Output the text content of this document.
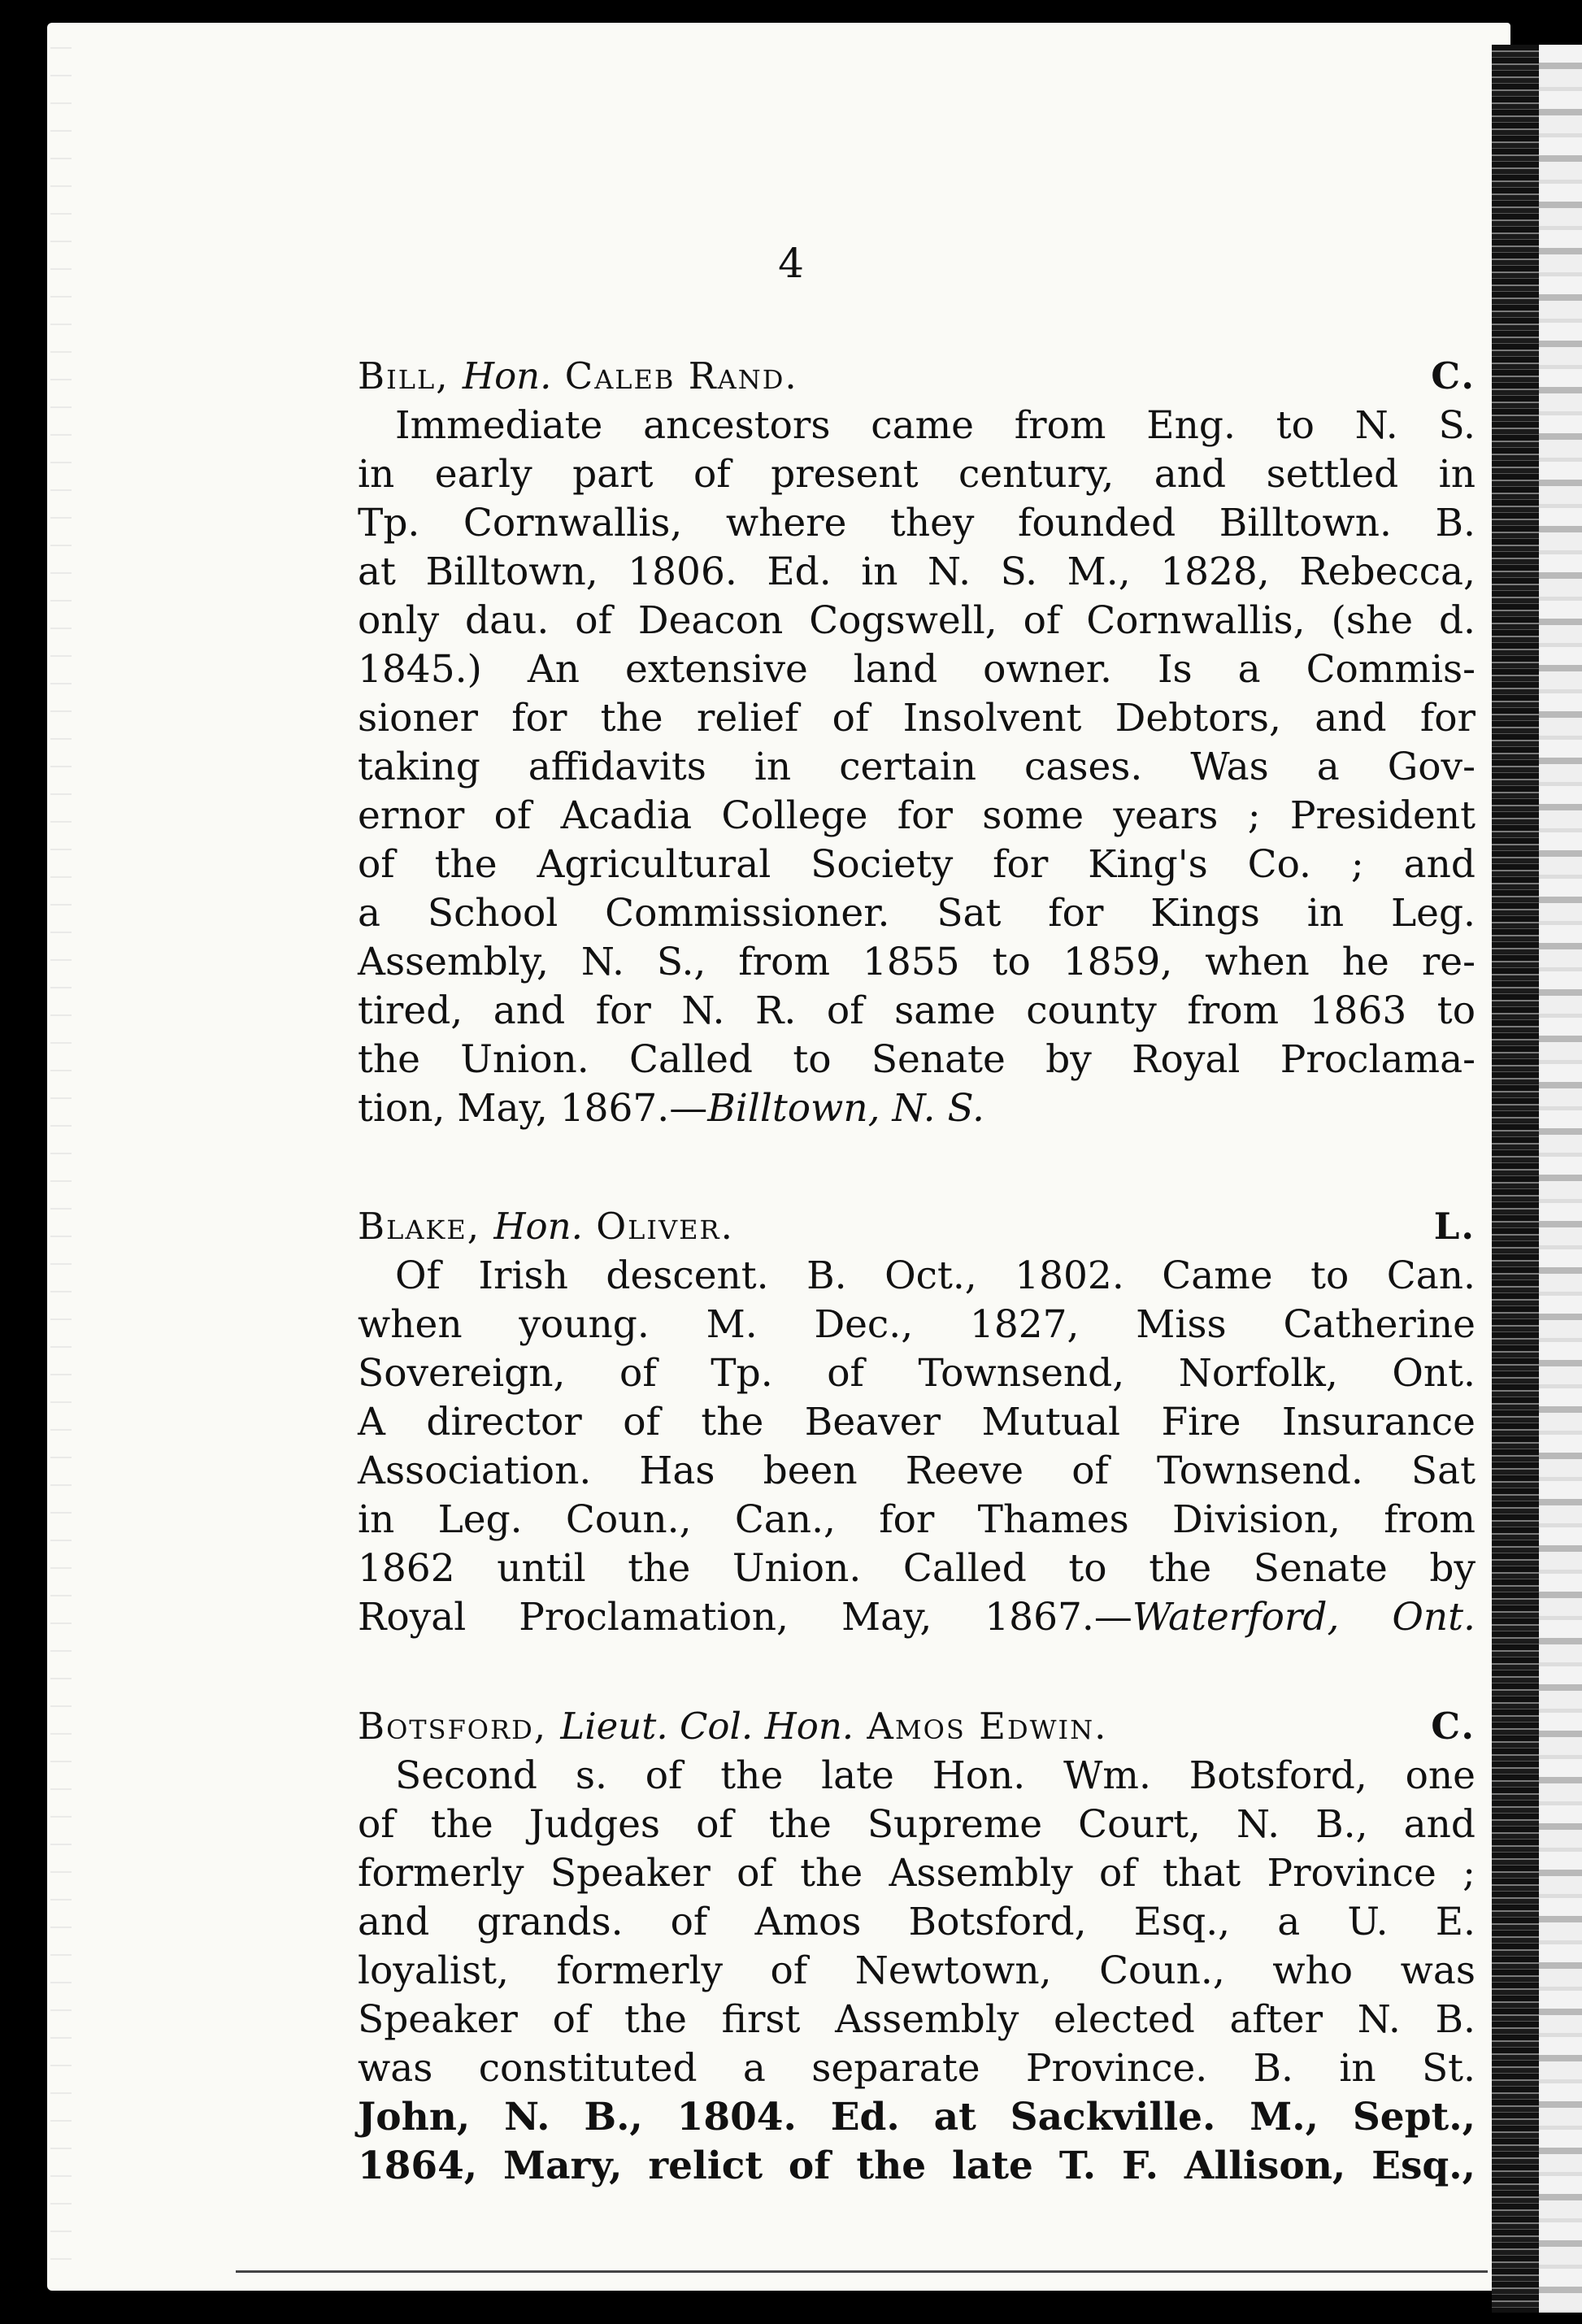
4
Bill, Hon. Caleb Rand.	C.
Immediate ancestors came from Eng. to N. S.
in early part of present century, and settled in
Tp. Cornwallis, where they founded Billtown. B.
at Billtown, 1806. Ed. in N. S. M., 1828, Rebecca,
only dau. of Deacon Cogswell, of Cornwallis, (she d.
1845.) An extensive land owner. Is a Commis-
sioner for the relief of Insolvent Debtors, and for
taking affidavits in certain cases. Was a Gov-
ernor of Acadia College for some years ; President
of the Agricultural Society for King's Co. ; and
a School Commissioner. Sat for Kings in Leg.
Assembly, N. S., from 1855 to 1859, when he re-
tired, and for N. R. of same county from 1863 to
the Union. Called to Senate by Royal Proclama-
tion, May, 1867.—Billtown, N. S.
Blake, Hon. Oliver.	L.
Of Irish descent. B. Oct., 1802. Came to Can.
when young. M. Dec., 1827, Miss Catherine
Sovereign, of Tp. of Townsend, Norfolk, Ont.
A director of the Beaver Mutual Fire Insurance
Association. Has been Reeve of Townsend. Sat
in Leg. Coun., Can., for Thames Division, from
1862 until the Union. Called to the Senate by
Royal Proclamation, May, 1867.—Waterford, Ont.
Botsford, Lieut. Col. Hon. Amos Edwin.	C.
Second s. of the late Hon. Wm. Botsford, one
of the Judges of the Supreme Court, N. B., and
formerly Speaker of the Assembly of that Province ;
and grands. of Amos Botsford, Esq., a U. E.
loyalist, formerly of Newtown, Coun., who was
Speaker of the first Assembly elected after N. B.
was constituted a separate Province. B. in St.
John, N. B., 1804. Ed. at Sackville. M., Sept.,
1864, Mary, relict of the late T. F. Allison, Esq.,
